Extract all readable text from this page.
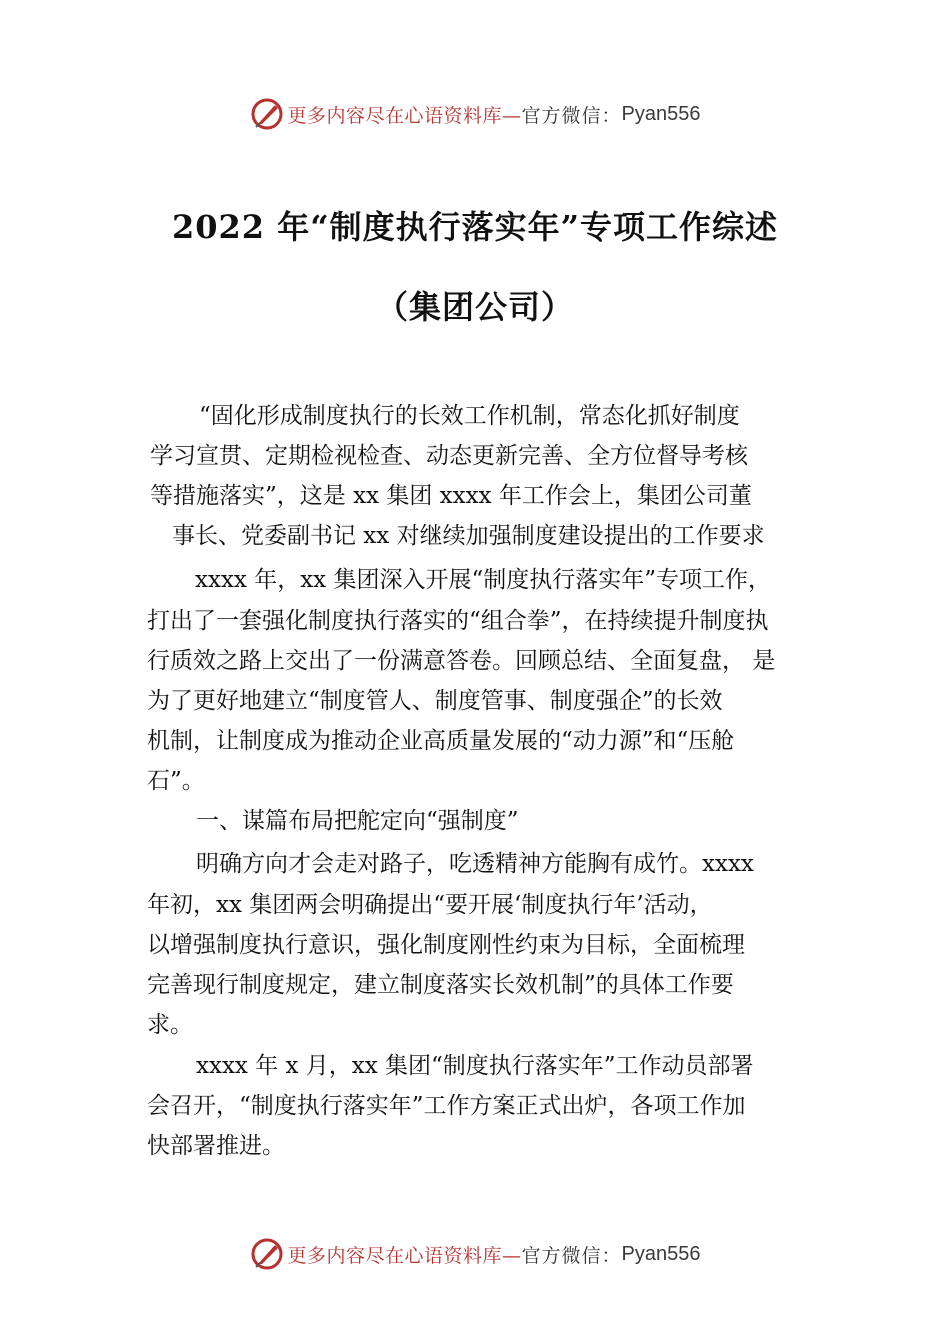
更多内容尽在心语资料库— 官方微信： Pyan556
2022 年“制度执行落实年”专项工作综述
（集团公司）
“固化形成制度执行的长效工作机制，常态化抓好制度
学习宣贯、定期检视检查、动态更新完善、全方位督导考核
等措施落实”，这是 xx 集团 xxxx 年工作会上，集团公司董
事长、党委副书记 xx 对继续加强制度建设提出的工作要求
xxxx 年，xx 集团深入开展“制度执行落实年”专项工作，
打出了一套强化制度执行落实的“组合拳”，在持续提升制度执
行质效之路上交出了一份满意答卷。回顾总结、全面复盘， 是
为了更好地建立“制度管人、制度管事、制度强企”的长效
机制，让制度成为推动企业高质量发展的“动力源”和“压舱
石”。
一、谋篇布局把舵定向“强制度”
明确方向才会走对路子，吃透精神方能胸有成竹。xxxx
年初，xx 集团两会明确提出“要开展‘制度执行年’活动，
以增强制度执行意识，强化制度刚性约束为目标，全面梳理
完善现行制度规定，建立制度落实长效机制”的具体工作要
求。
xxxx 年 x 月，xx 集团“制度执行落实年”工作动员部署
会召开，“制度执行落实年”工作方案正式出炉，各项工作加
快部署推进。
更多内容尽在心语资料库— 官方微信： Pyan556
